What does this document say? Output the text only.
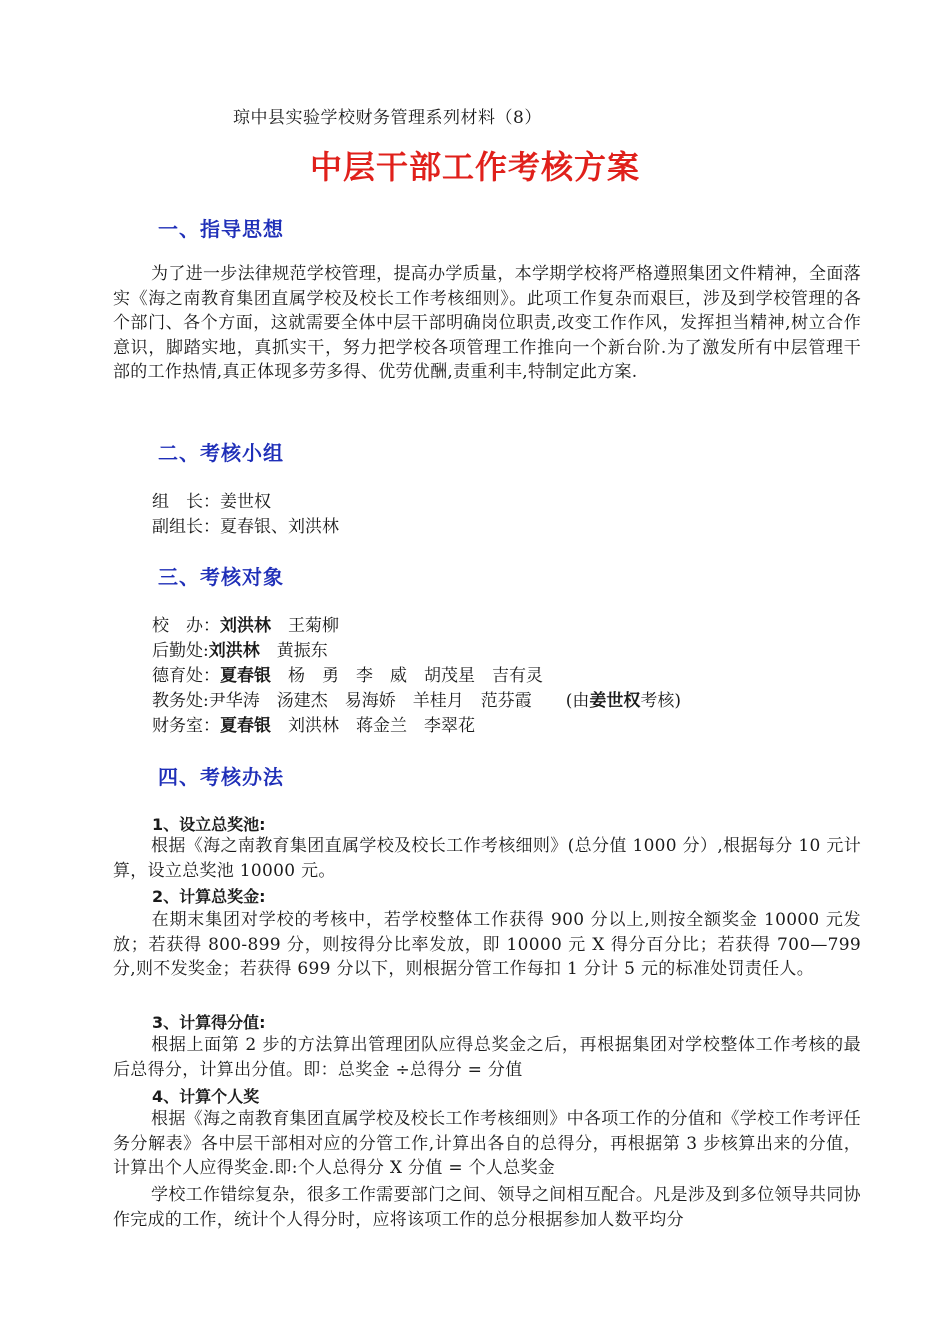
琼中县实验学校财务管理系列材料（8）
中层干部工作考核方案
一、指导思想
为了进一步法律规范学校管理，提高办学质量，本学期学校将严格遵照集团文件精神，全面落实《海之南教育集团直属学校及校长工作考核细则》。此项工作复杂而艰巨，涉及到学校管理的各个部门、各个方面，这就需要全体中层干部明确岗位职责,改变工作作风，发挥担当精神,树立合作意识，脚踏实地，真抓实干，努力把学校各项管理工作推向一个新台阶.为了激发所有中层管理干部的工作热情,真正体现多劳多得、优劳优酬,责重利丰,特制定此方案.
二、考核小组
组　长：姜世权
副组长：夏春银、刘洪林
三、考核对象
校　办：刘洪林　王菊柳
后勤处:刘洪林　黄振东
德育处：夏春银　杨　勇　李　威　胡茂星　吉有灵
教务处:尹华涛　汤建杰　易海娇　羊桂月　范芬霞　　(由姜世权考核)
财务室：夏春银　刘洪林　蒋金兰　李翠花
四、考核办法
1、设立总奖池:
根据《海之南教育集团直属学校及校长工作考核细则》(总分值 1000 分）,根据每分 10 元计算，设立总奖池 10000 元。
2、计算总奖金:
在期末集团对学校的考核中，若学校整体工作获得 900 分以上,则按全额奖金 10000 元发放；若获得 800-899 分，则按得分比率发放，即 10000 元 X 得分百分比；若获得 700—799 分,则不发奖金；若获得 699 分以下，则根据分管工作每扣 1 分计 5 元的标准处罚责任人。
3、计算得分值:
根据上面第 2 步的方法算出管理团队应得总奖金之后，再根据集团对学校整体工作考核的最后总得分，计算出分值。即：总奖金 ÷总得分 = 分值
4、计算个人奖
根据《海之南教育集团直属学校及校长工作考核细则》中各项工作的分值和《学校工作考评任务分解表》各中层干部相对应的分管工作,计算出各自的总得分，再根据第 3 步核算出来的分值，计算出个人应得奖金.即:个人总得分 X 分值 = 个人总奖金
学校工作错综复杂，很多工作需要部门之间、领导之间相互配合。凡是涉及到多位领导共同协作完成的工作，统计个人得分时，应将该项工作的总分根据参加人数平均分
